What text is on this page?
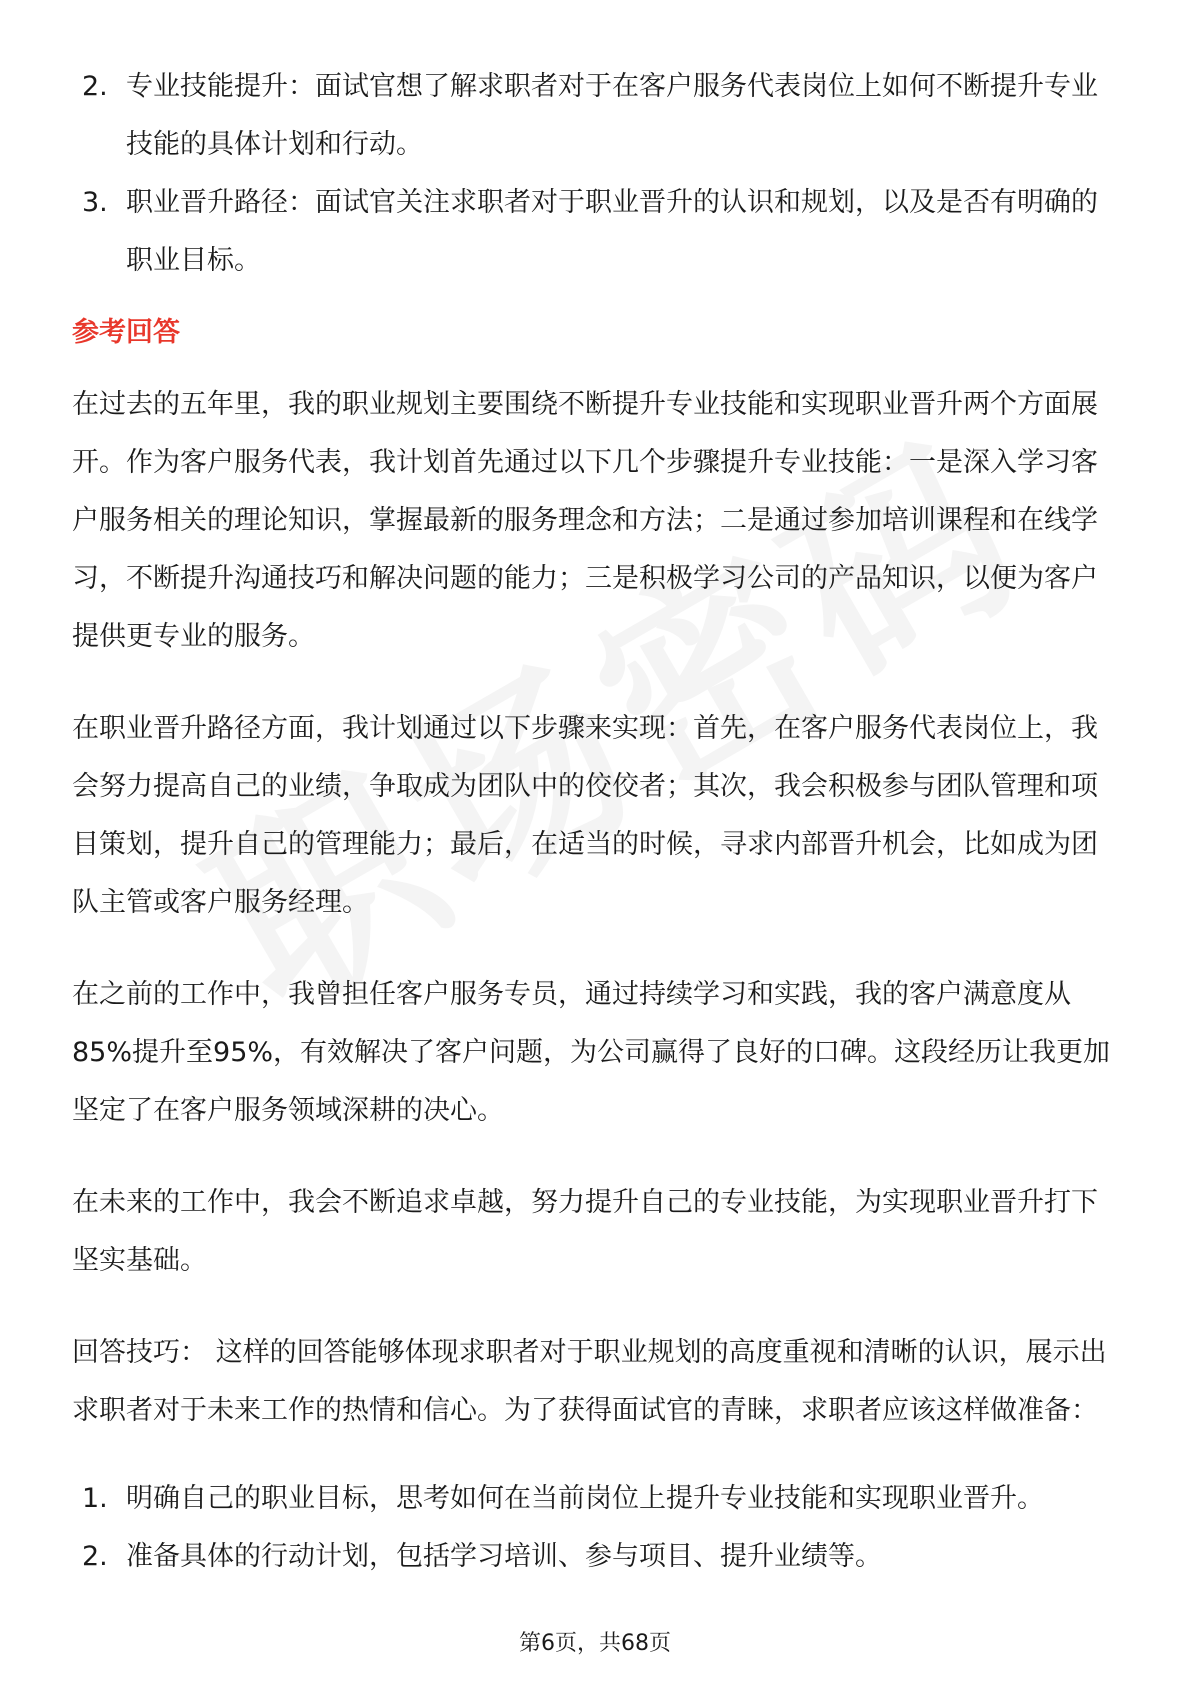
2. 专业技能提升：面试官想了解求职者对于在客户服务代表岗位上如何不断提升专业技能的具体计划和行动。
3. 职业晋升路径：面试官关注求职者对于职业晋升的认识和规划，以及是否有明确的职业目标。
参考回答

在过去的五年里，我的职业规划主要围绕不断提升专业技能和实现职业晋升两个方面展开。作为客户服务代表，我计划首先通过以下几个步骤提升专业技能：一是深入学习客户服务相关的理论知识，掌握最新的服务理念和方法；二是通过参加培训课程和在线学习，不断提升沟通技巧和解决问题的能力；三是积极学习公司的产品知识，以便为客户提供更专业的服务。

在职业晋升路径方面，我计划通过以下步骤来实现：首先，在客户服务代表岗位上，我会努力提高自己的业绩，争取成为团队中的佼佼者；其次，我会积极参与团队管理和项目策划，提升自己的管理能力；最后，在适当的时候，寻求内部晋升机会，比如成为团队主管或客户服务经理。

在之前的工作中，我曾担任客户服务专员，通过持续学习和实践，我的客户满意度从85%提升至95%，有效解决了客户问题，为公司赢得了良好的口碑。这段经历让我更加坚定了在客户服务领域深耕的决心。

在未来的工作中，我会不断追求卓越，努力提升自己的专业技能，为实现职业晋升打下坚实基础。

回答技巧： 这样的回答能够体现求职者对于职业规划的高度重视和清晰的认识，展示出求职者对于未来工作的热情和信心。为了获得面试官的青睐，求职者应该这样做准备：

1. 明确自己的职业目标，思考如何在当前岗位上提升专业技能和实现职业晋升。
2. 准备具体的行动计划，包括学习培训、参与项目、提升业绩等。
第6页，共68页
